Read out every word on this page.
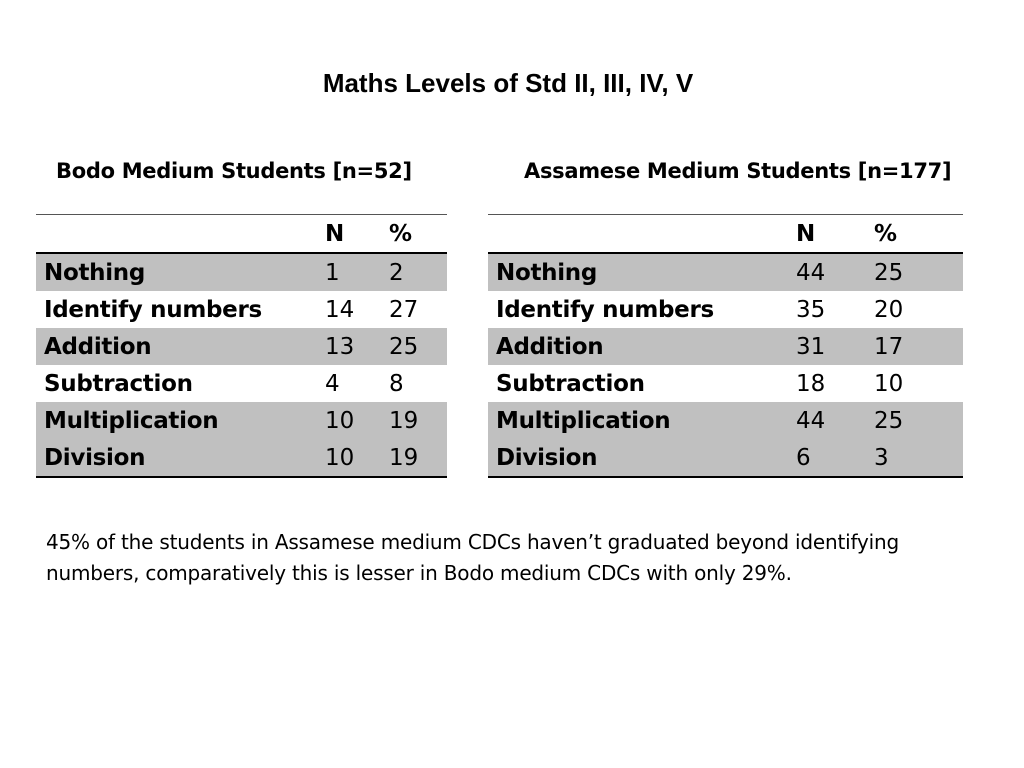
Maths Levels of Std II, III, IV, V
Bodo Medium Students [n=52]	Assamese Medium Students [n=177]
	N	%
Nothing	1	2
Identify numbers	14	27
Addition	13	25
Subtraction	4	8
Multiplication	10	19
Division	10	19
	N	%
Nothing	44	25
Identify numbers	35	20
Addition	31	17
Subtraction	18	10
Multiplication	44	25
Division	6	3
45% of the students in Assamese medium CDCs haven’t graduated beyond identifying numbers, comparatively this is lesser in Bodo medium CDCs with only 29%.
